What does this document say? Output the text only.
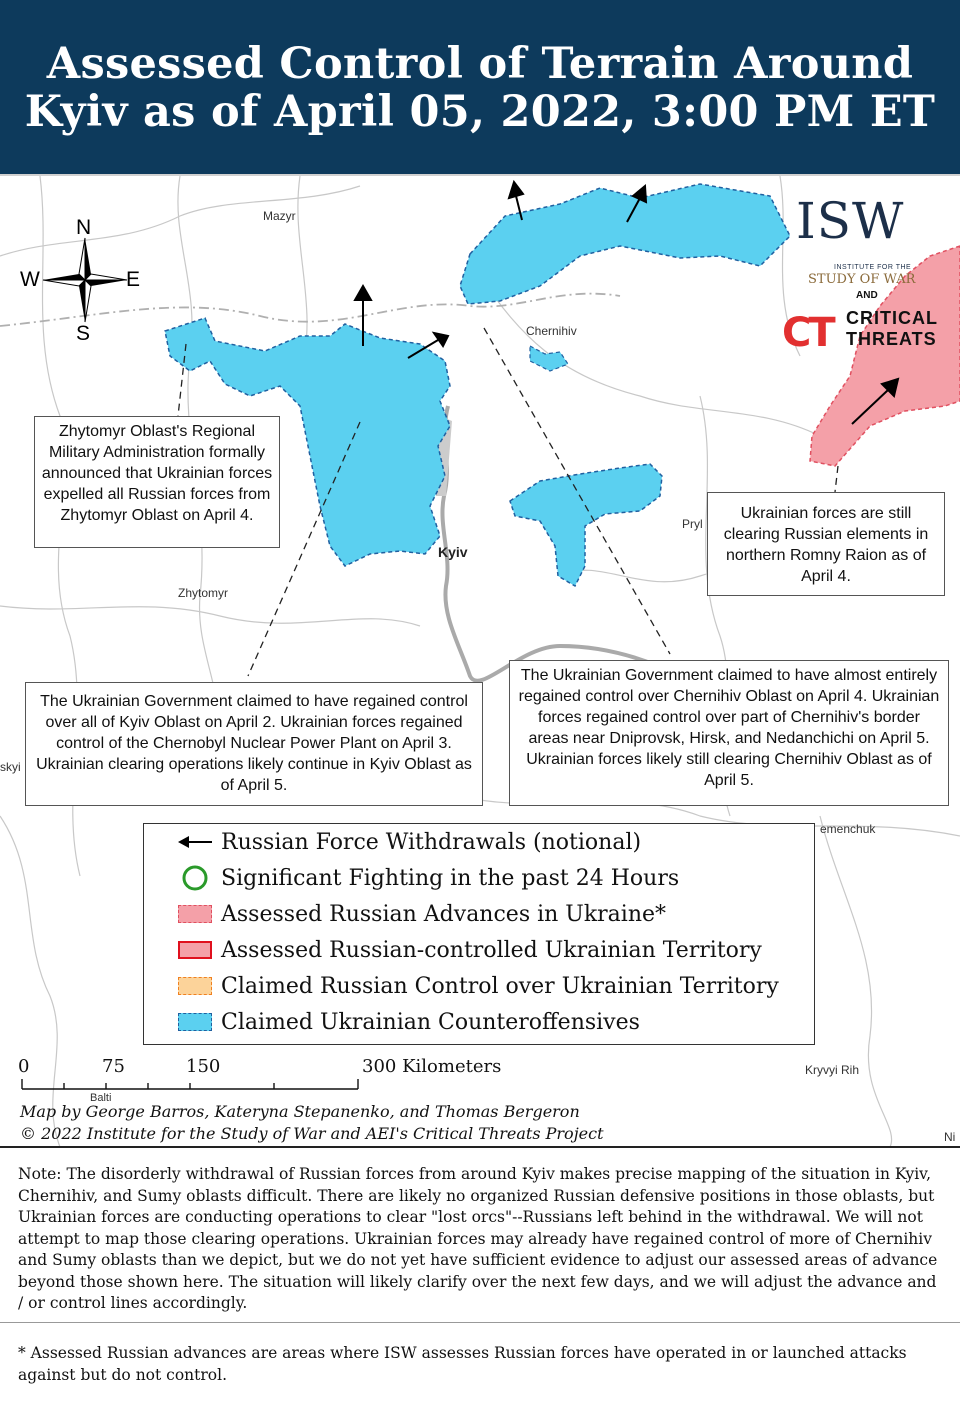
Assessed Control of Terrain Around
Kyiv as of April 05, 2022, 3:00 PM ET
N
S
E
W
Mazyr
Chernihiv
Kyiv
Zhytomyr
Pryl
emenchuk
Kryvyi Rih
Balti
skyi
Ni
Zhytomyr Oblast's Regional Military Administration formally announced that Ukrainian forces expelled all Russian forces from Zhytomyr Oblast on April 4.	Ukrainian forces are still clearing Russian elements in northern Romny Raion as of April 4.
The Ukrainian Government claimed to have regained control over all of Kyiv Oblast on April 2. Ukrainian forces regained control of the Chernobyl Nuclear Power Plant on April 3. Ukrainian clearing operations likely continue in Kyiv Oblast as of April 5.
The Ukrainian Government claimed to have almost entirely regained control over Chernihiv Oblast on April 4. Ukrainian forces regained control over part of Chernihiv's border areas near Dniprovsk, Hirsk, and Nedanchichi on April 5. Ukrainian forces likely still clearing Chernihiv Oblast as of April 5.
Russian Force Withdrawals (notional)
Significant Fighting in the past 24 Hours
Assessed Russian Advances in Ukraine*
Assessed Russian-controlled Ukrainian Territory
Claimed Russian Control over Ukrainian Territory
Claimed Ukrainian Counteroffensives
0	75	150	300 Kilometers
Map by George Barros, Kateryna Stepanenko, and Thomas Bergeron
© 2022 Institute for the Study of War and AEI's Critical Threats Project
ISW
INSTITUTE FOR THE
STUDY OF WAR
AND
CT CRITICAL
THREATS
Note: The disorderly withdrawal of Russian forces from around Kyiv makes precise mapping of the situation in Kyiv, Chernihiv, and Sumy oblasts difficult. There are likely no organized Russian defensive positions in those oblasts, but Ukrainian forces are conducting operations to clear "lost orcs"--Russians left behind in the withdrawal. We will not attempt to map those clearing operations. Ukrainian forces may already have regained control of more of Chernihiv and Sumy oblasts than we depict, but we do not yet have sufficient evidence to adjust our assessed areas of advance beyond those shown here. The situation will likely clarify over the next few days, and we will adjust the advance and / or control lines accordingly.
* Assessed Russian advances are areas where ISW assesses Russian forces have operated in or launched attacks against but do not control.
